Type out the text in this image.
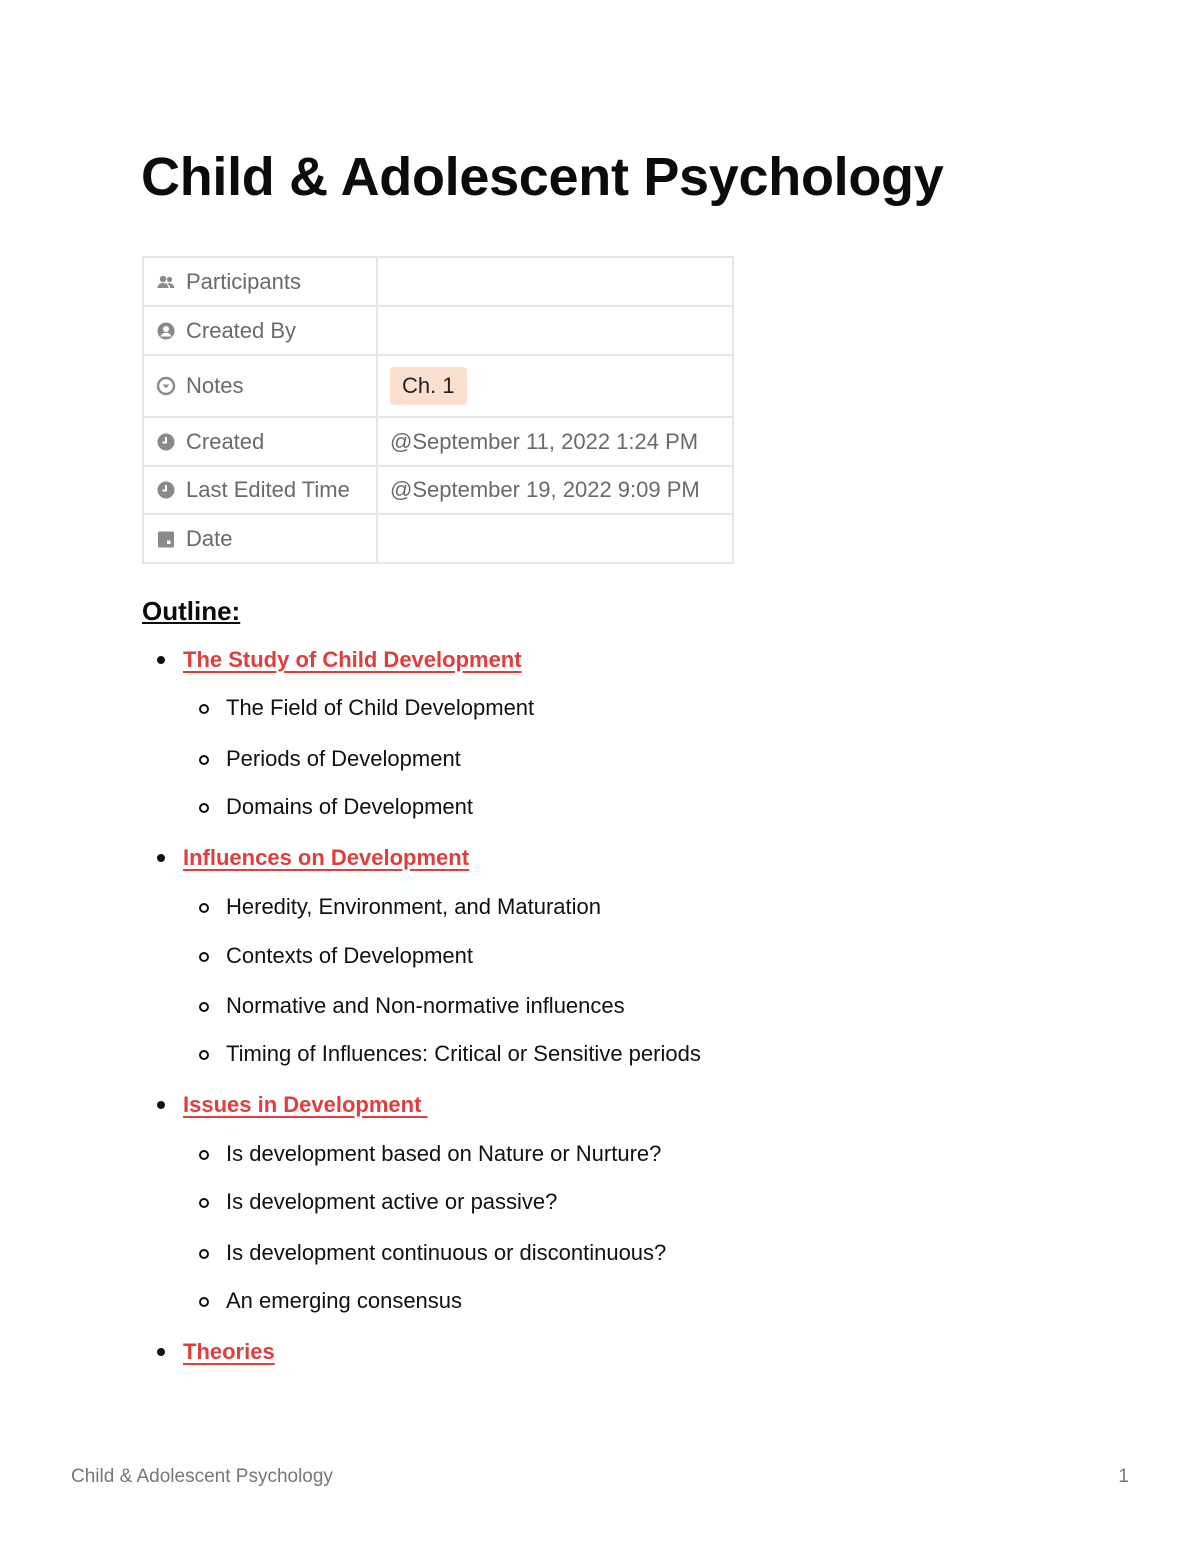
Child & Adolescent Psychology
Participants	

Created By	

Notes	Ch. 1

Created	@September 11, 2022 1:24 PM

Last Edited Time	@September 19, 2022 9:09 PM

Date	

Outline:
The Study of Child Development
The Field of Child Development
Periods of Development
Domains of Development
Influences on Development
Heredity, Environment, and Maturation
Contexts of Development
Normative and Non-normative influences
Timing of Influences: Critical or Sensitive periods
Issues in Development
Is development based on Nature or Nurture?
Is development active or passive?
Is development continuous or discontinuous?
An emerging consensus
Theories
Child & Adolescent Psychology	1
